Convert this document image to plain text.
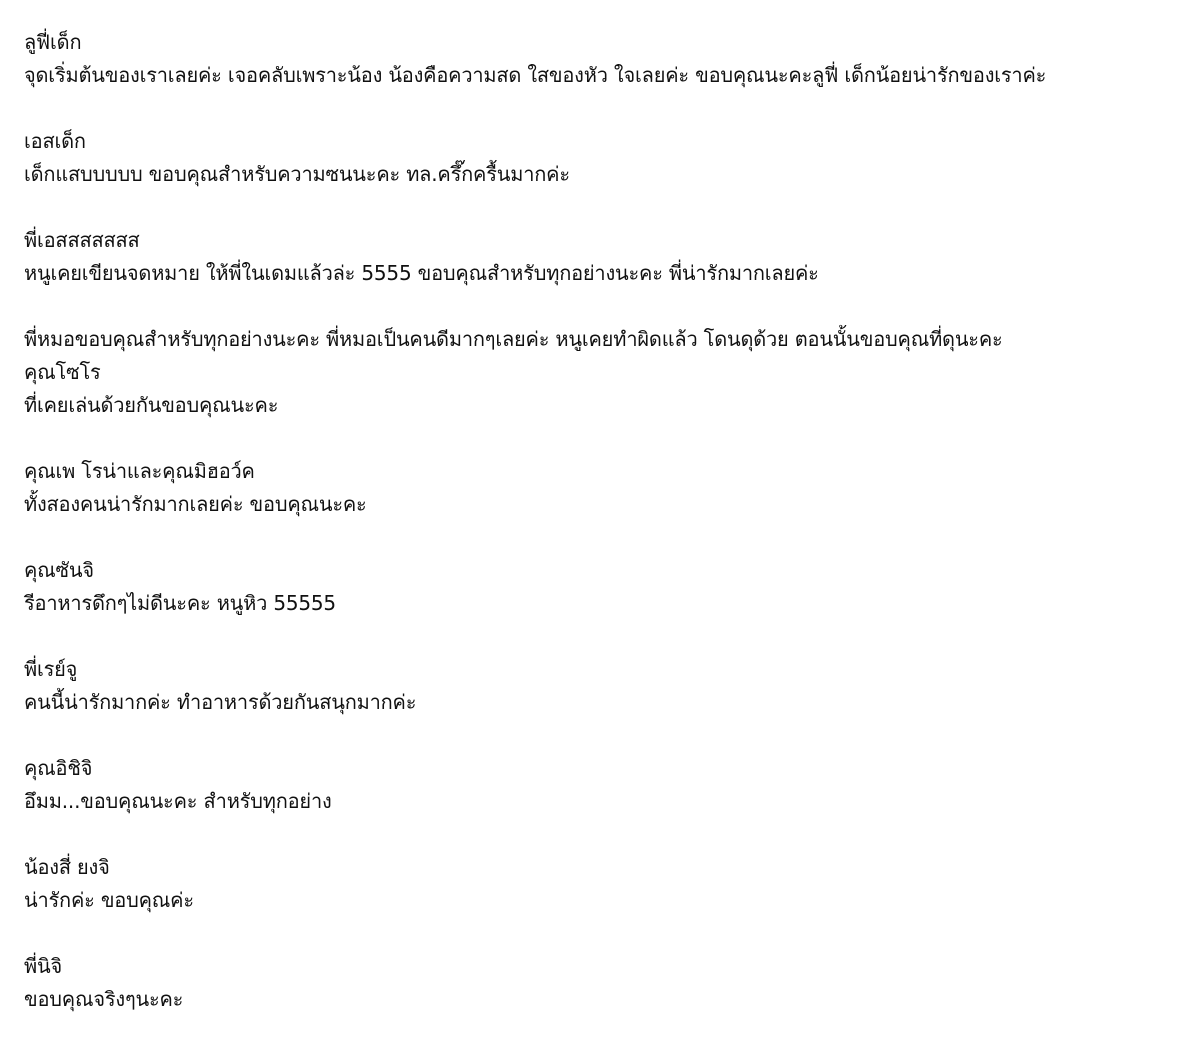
ลูฟี่เด็ก
จุดเริ่มต้นของเราเลยค่ะ เจอคลับเพราะน้อง น้องคือความสด ใสของหัว ใจเลยค่ะ ขอบคุณนะคะลูฟี่ เด็กน้อยน่ารักของเราค่ะ
เอสเด็ก
เด็กแสบบบบบ ขอบคุณสำหรับความซนนะคะ ทล.ครึ๊กครื้นมากค่ะ
พี่เอสสสสสสส
หนูเคยเขียนจดหมาย ให้พี่ในเดมแล้วล่ะ 5555 ขอบคุณสำหรับทุกอย่างนะคะ พี่น่ารักมากเลยค่ะ
พี่หมอขอบคุณสำหรับทุกอย่างนะคะ พี่หมอเป็นคนดีมากๆเลยค่ะ หนูเคยทำผิดแล้ว โดนดุด้วย ตอนนั้นขอบคุณที่ดุนะคะ
คุณโซโร
ที่เคยเล่นด้วยกันขอบคุณนะคะ
คุณเพ โรน่าและคุณมิฮอว์ค
ทั้งสองคนน่ารักมากเลยค่ะ ขอบคุณนะคะ
คุณซันจิ
รีอาหารดึกๆไม่ดีนะคะ หนูหิว 55555
พี่เรย์จู
คนนี้น่ารักมากค่ะ ทำอาหารด้วยกันสนุกมากค่ะ
คุณอิชิจิ
อึมม...ขอบคุณนะคะ สำหรับทุกอย่าง
น้องสี่ ยงจิ
น่ารักค่ะ ขอบคุณค่ะ
พี่นิจิ
ขอบคุณจริงๆนะคะ
